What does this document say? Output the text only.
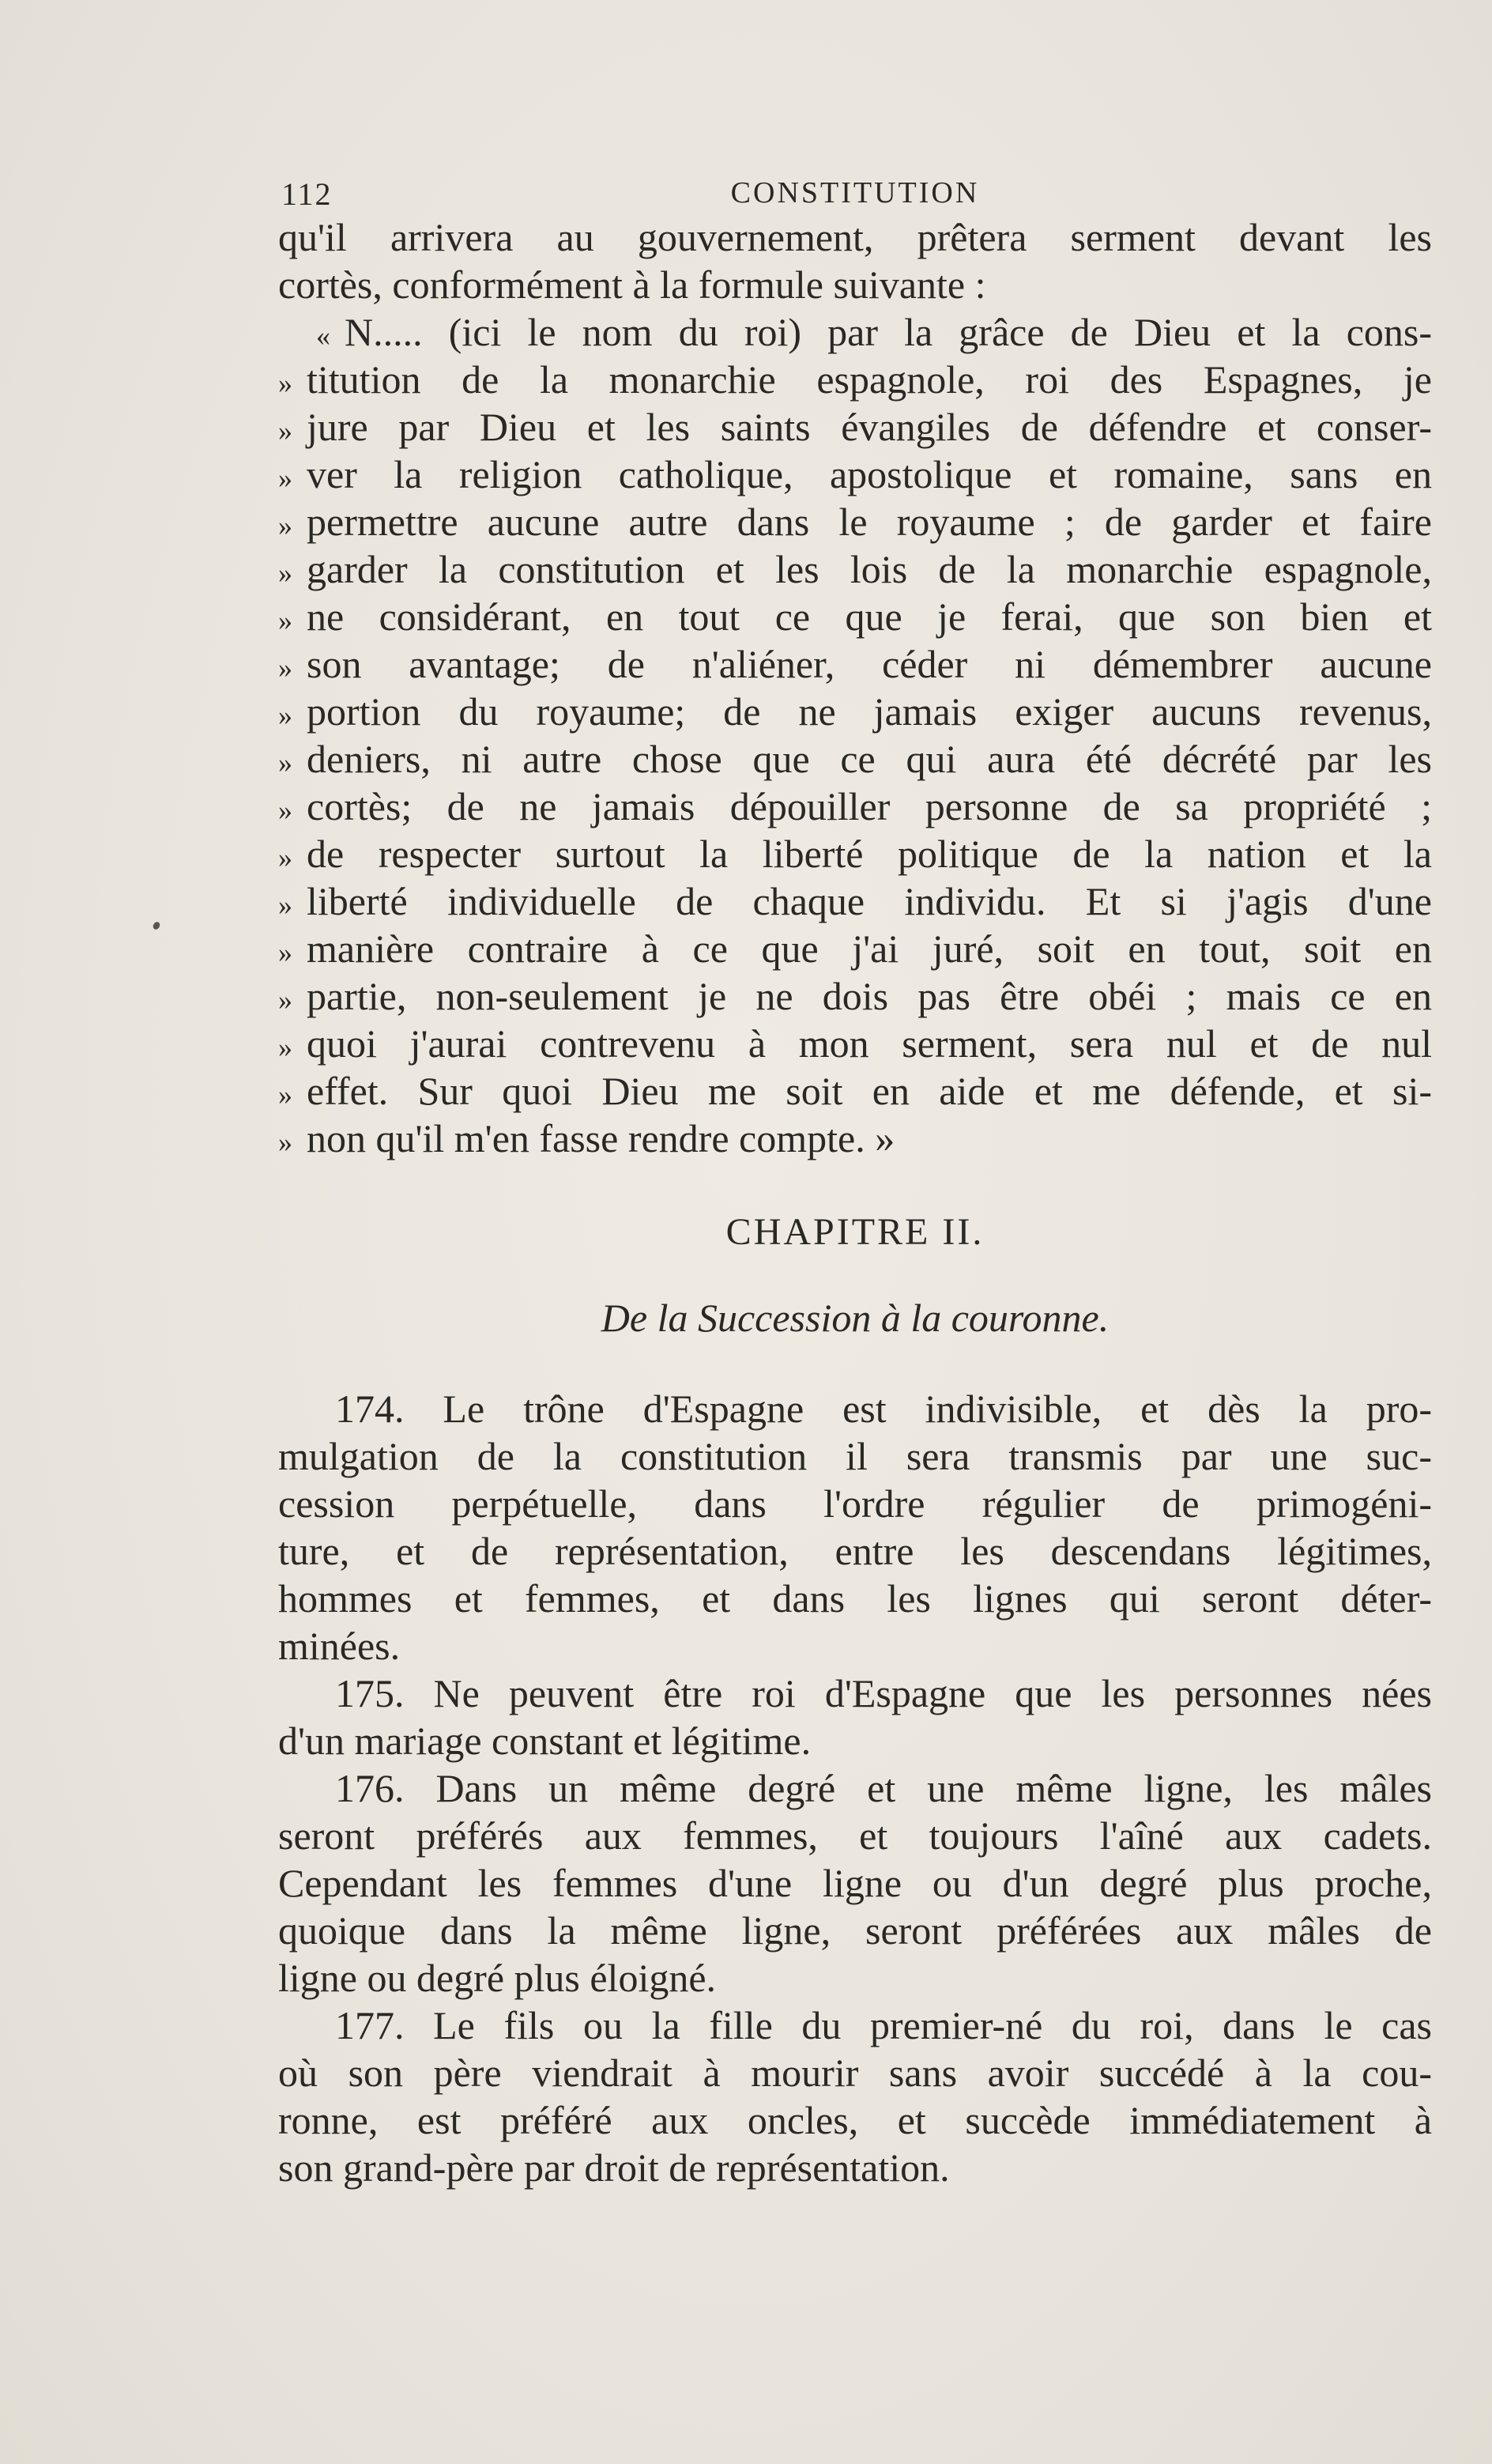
112	CONSTITUTION
qu'il arrivera au gouvernement, prêtera serment devant les
cortès, conformément à la formule suivante :
« N..... (ici le nom du roi) par la grâce de Dieu et la cons-
» titution de la monarchie espagnole, roi des Espagnes, je
» jure par Dieu et les saints évangiles de défendre et conser-
» ver la religion catholique, apostolique et romaine, sans en
» permettre aucune autre dans le royaume ; de garder et faire
» garder la constitution et les lois de la monarchie espagnole,
» ne considérant, en tout ce que je ferai, que son bien et
» son avantage; de n'aliéner, céder ni démembrer aucune
» portion du royaume; de ne jamais exiger aucuns revenus,
» deniers, ni autre chose que ce qui aura été décrété par les
» cortès; de ne jamais dépouiller personne de sa propriété ;
» de respecter surtout la liberté politique de la nation et la
» liberté individuelle de chaque individu. Et si j'agis d'une
» manière contraire à ce que j'ai juré, soit en tout, soit en
» partie, non-seulement je ne dois pas être obéi ; mais ce en
» quoi j'aurai contrevenu à mon serment, sera nul et de nul
» effet. Sur quoi Dieu me soit en aide et me défende, et si-
» non qu'il m'en fasse rendre compte. »
CHAPITRE II.
De la Succession à la couronne.
174. Le trône d'Espagne est indivisible, et dès la pro-
mulgation de la constitution il sera transmis par une suc-
cession perpétuelle, dans l'ordre régulier de primogéni-
ture, et de représentation, entre les descendans légitimes,
hommes et femmes, et dans les lignes qui seront déter-
minées.
175. Ne peuvent être roi d'Espagne que les personnes nées
d'un mariage constant et légitime.
176. Dans un même degré et une même ligne, les mâles
seront préférés aux femmes, et toujours l'aîné aux cadets.
Cependant les femmes d'une ligne ou d'un degré plus proche,
quoique dans la même ligne, seront préférées aux mâles de
ligne ou degré plus éloigné.
177. Le fils ou la fille du premier-né du roi, dans le cas
où son père viendrait à mourir sans avoir succédé à la cou-
ronne, est préféré aux oncles, et succède immédiatement à
son grand-père par droit de représentation.
